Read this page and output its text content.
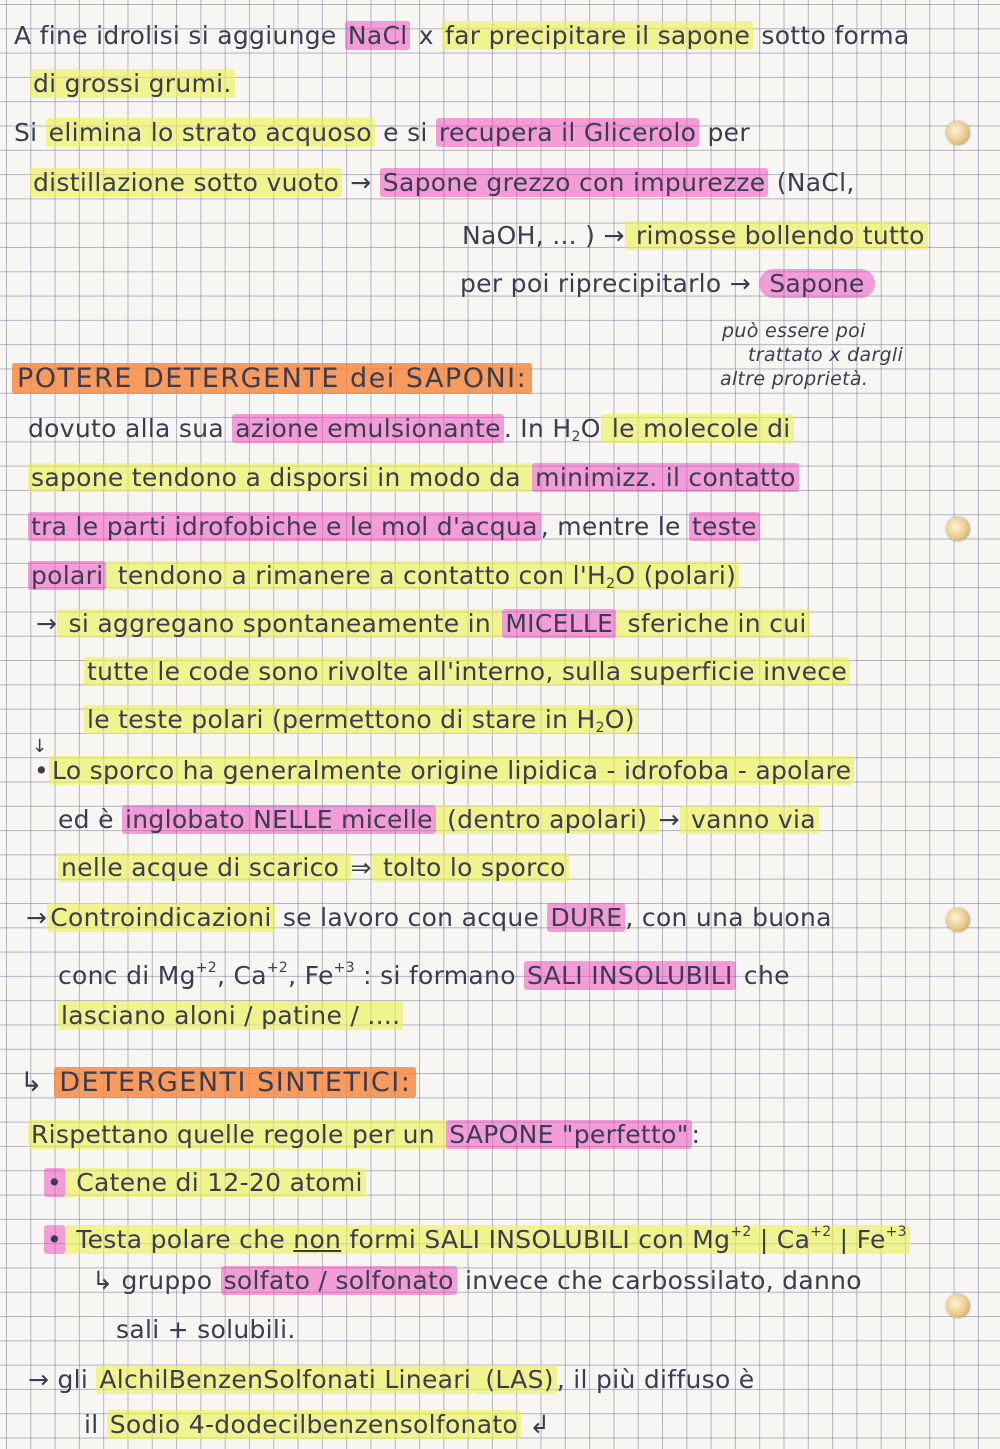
A fine idrolisi si aggiunge NaCl x far precipitare il sapone sotto forma
di grossi grumi.
Si elimina lo strato acquoso e si recupera il Glicerolo per
distillazione sotto vuoto → Sapone grezzo con impurezze (NaCl,
NaOH, ... ) → rimosse bollendo tutto
per poi riprecipitarlo → Sapone
può essere poi
trattato x dargli
altre proprietà.
POTERE DETERGENTE dei SAPONI:
dovuto alla sua azione emulsionante . In $H_2O$ le molecole di
sapone tendono a disporsi in modo da minimizz. il contatto
tra le parti idrofobiche e le mol d'acqua , mentre le teste
polari tendono a rimanere a contatto con $l'H_2O$ (polari)
→ si aggregano spontaneamente in MICELLE sferiche in cui
tutte le code sono rivolte all'interno, sulla superficie invece
le teste polari (permettono di stare in $H_2O$)
↓
• Lo sporco ha generalmente origine lipidica - idrofoba - apolare
ed è inglobato NELLE micelle (dentro apolari) → vanno via
nelle acque di scarico ⇒ tolto lo sporco
→ Controindicazioni se lavoro con acque DURE , con una buona
conc di $Mg^{+2}$, $Ca^{+2}$, $Fe^{+3}$ : si formano SALI INSOLUBILI che
lasciano aloni / patine / ....
↳ DETERGENTI SINTETICI:
Rispettano quelle regole per un SAPONE "perfetto" :
• Catene di 12-20 atomi
• Testa polare che non formi SALI INSOLUBILI con $Mg^{+2}$ | $Ca^{+2}$ | $Fe^{+3}$
↳ gruppo solfato / solfonato invece che carbossilato, danno
sali + solubili.
→ gli AlchilBenzenSolfonati Lineari (LAS) , il più diffuso è
il Sodio 4-dodecilbenzensolfonato ↲
